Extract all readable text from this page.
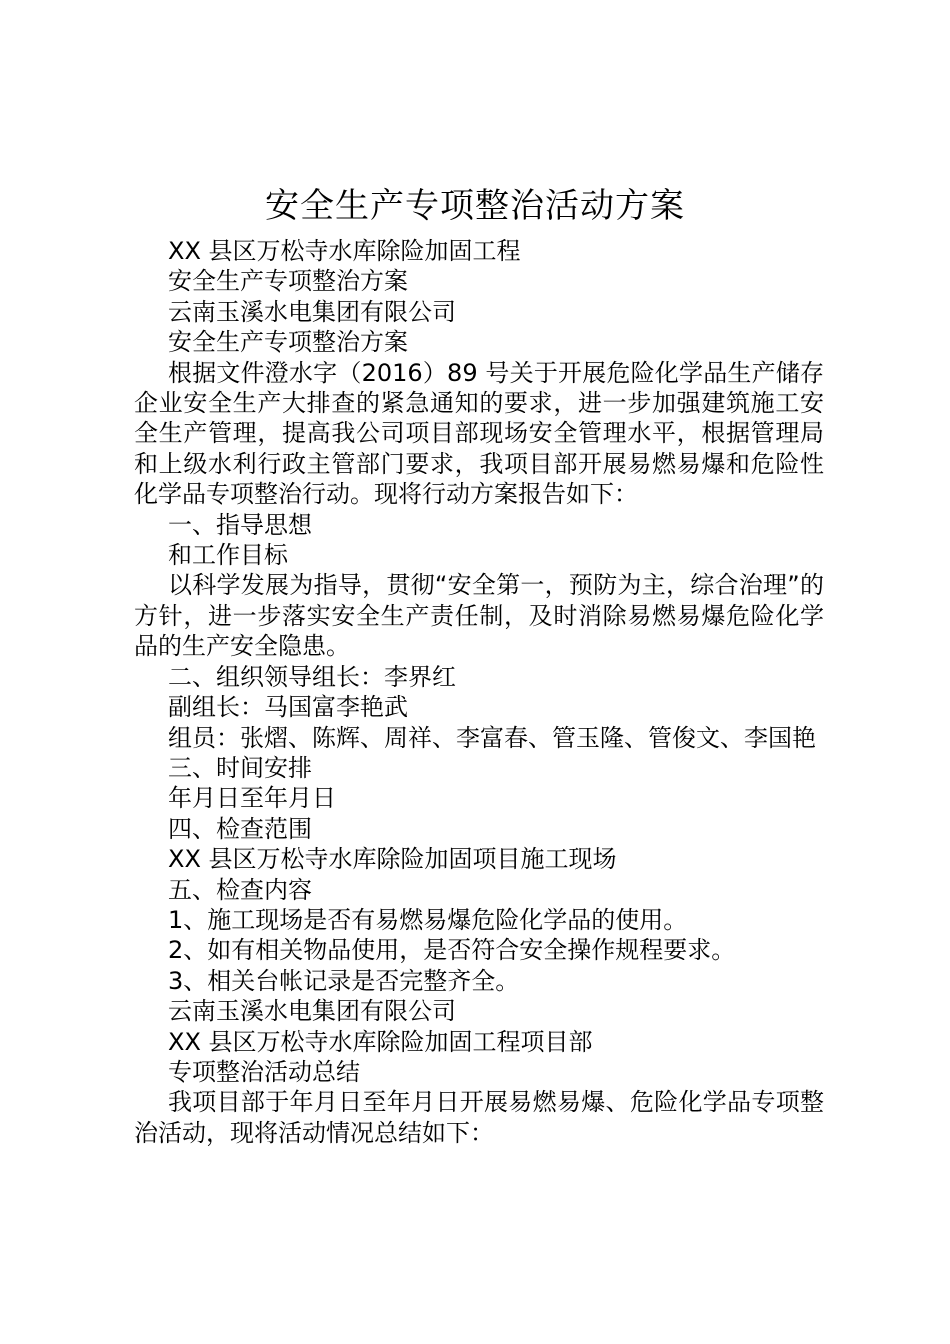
安全生产专项整治活动方案

XX 县区万松寺水库除险加固工程

安全生产专项整治方案

云南玉溪水电集团有限公司

安全生产专项整治方案

根据文件澄水字（2016）89 号关于开展危险化学品生产储存企业安全生产大排查的紧急通知的要求，进一步加强建筑施工安全生产管理，提高我公司项目部现场安全管理水平，根据管理局和上级水利行政主管部门要求，我项目部开展易燃易爆和危险性化学品专项整治行动。现将行动方案报告如下：

一、指导思想

和工作目标

以科学发展为指导，贯彻“安全第一，预防为主，综合治理”的方针，进一步落实安全生产责任制，及时消除易燃易爆危险化学品的生产安全隐患。

二、组织领导组长：李界红

副组长：马国富李艳武

组员：张熠、陈辉、周祥、李富春、管玉隆、管俊文、李国艳

三、时间安排

年月日至年月日

四、检查范围

XX 县区万松寺水库除险加固项目施工现场

五、检查内容

1、施工现场是否有易燃易爆危险化学品的使用。

2、如有相关物品使用，是否符合安全操作规程要求。

3、相关台帐记录是否完整齐全。

云南玉溪水电集团有限公司

XX 县区万松寺水库除险加固工程项目部

专项整治活动总结

我项目部于年月日至年月日开展易燃易爆、危险化学品专项整治活动，现将活动情况总结如下：
